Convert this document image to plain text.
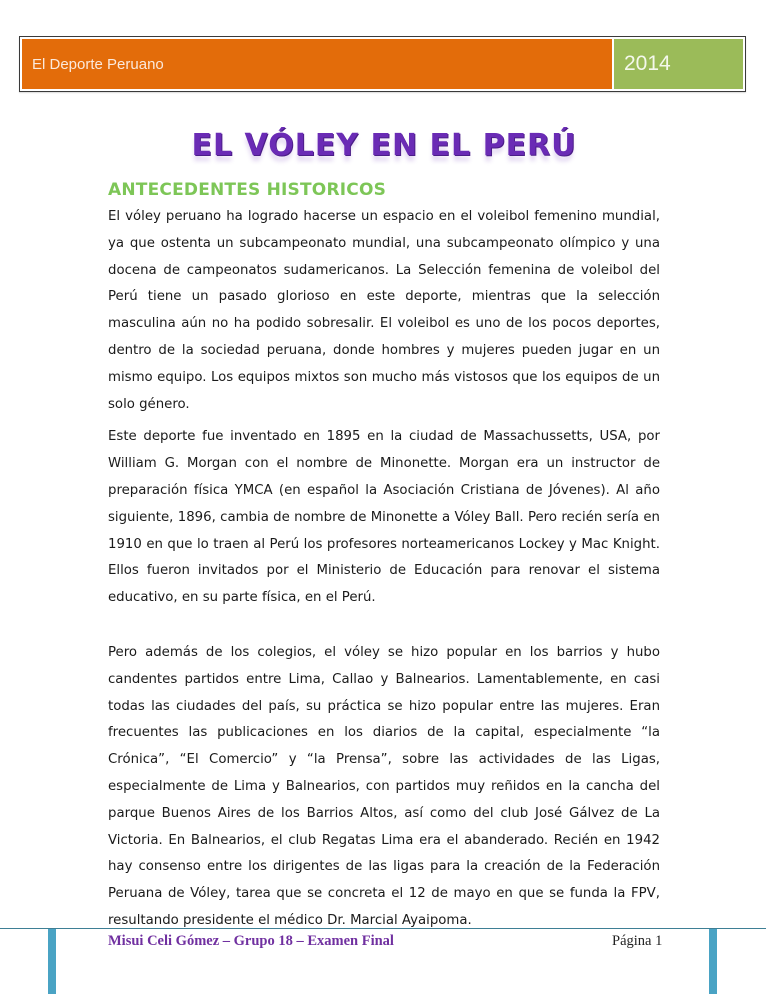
El Deporte Peruano	2014
EL VÓLEY EN EL PERÚ
ANTECEDENTES HISTORICOS

El vóley peruano ha logrado hacerse un espacio en el voleibol femenino mundial, ya que ostenta un subcampeonato mundial, una subcampeonato olímpico y una docena de campeonatos sudamericanos. La Selección femenina de voleibol del Perú tiene un pasado glorioso en este deporte, mientras que la selección masculina aún no ha podido sobresalir. El voleibol es uno de los pocos deportes, dentro de la sociedad peruana, donde hombres y mujeres pueden jugar en un mismo equipo. Los equipos mixtos son mucho más vistosos que los equipos de un solo género.

Este deporte fue inventado en 1895 en la ciudad de Massachussetts, USA, por William G. Morgan con el nombre de Minonette. Morgan era un instructor de preparación física YMCA (en español la Asociación Cristiana de Jóvenes). Al año siguiente, 1896, cambia de nombre de Minonette a Vóley Ball. Pero recién sería en 1910 en que lo traen al Perú los profesores norteamericanos Lockey y Mac Knight. Ellos fueron invitados por el Ministerio de Educación para renovar el sistema educativo, en su parte física, en el Perú.

Pero además de los colegios, el vóley se hizo popular en los barrios y hubo candentes partidos entre Lima, Callao y Balnearios. Lamentablemente, en casi todas las ciudades del país, su práctica se hizo popular entre las mujeres. Eran frecuentes las publicaciones en los diarios de la capital, especialmente “la Crónica”, “El Comercio” y “la Prensa”, sobre las actividades de las Ligas, especialmente de Lima y Balnearios, con partidos muy reñidos en la cancha del parque Buenos Aires de los Barrios Altos, así como del club José Gálvez de La Victoria. En Balnearios, el club Regatas Lima era el abanderado. Recién en 1942 hay consenso entre los dirigentes de las ligas para la creación de la Federación Peruana de Vóley, tarea que se concreta el 12 de mayo en que se funda la FPV, resultando presidente el médico Dr. Marcial Ayaipoma.

Misui Celi Gómez – Grupo 18 – Examen Final	Página 1
